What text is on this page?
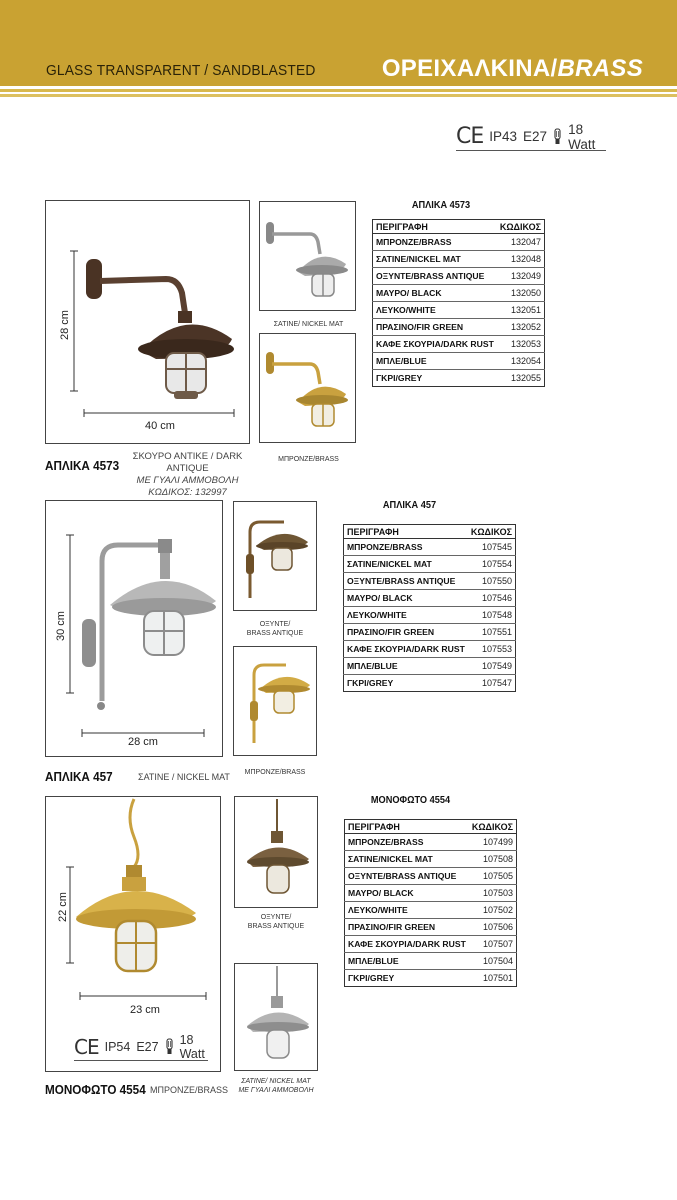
GLASS TRANSPARENT / SANDBLASTED	ΟΡΕΙΧΑΛΚΙΝΑ/BRASS
CE IP43 E27 18 Watt
28 cm
40 cm
ΑΠΛΙΚΑ 4573
ΣΚΟΥΡΟ ΑΝΤΙΚΕ / DARK ANTIQUE
ΜΕ ΓΥΑΛΙ ΑΜΜΟΒΟΛΗ
ΚΩΔΙΚΟΣ: 132997
ΣΑΤΙΝΕ/ NICKEL MAT
ΜΠΡΟΝΖΕ/BRASS
ΑΠΛΙΚΑ 4573
ΠΕΡΙΓΡΑΦΗ	ΚΩΔΙΚΟΣ
ΜΠΡΟΝΖΕ/BRASS	132047
ΣΑΤΙΝΕ/NICKEL MAT	132048
ΟΞΥΝΤΕ/BRASS ANTIQUE	132049
ΜΑΥΡΟ/ BLACK	132050
ΛΕΥΚΟ/WHITE	132051
ΠΡΑΣΙΝΟ/FIR GREEN	132052
ΚΑΦΕ ΣΚΟΥΡΙΑ/DARK RUST	132053
ΜΠΛΕ/BLUE	132054
ΓΚΡΙ/GREY	132055
30 cm
28 cm
ΑΠΛΙΚΑ 457	ΣΑΤΙΝΕ / NICKEL MAT
ΟΞΥΝΤΕ/
BRASS ANTIQUE
ΜΠΡΟΝΖΕ/BRASS
ΑΠΛΙΚΑ 457
ΠΕΡΙΓΡΑΦΗ	ΚΩΔΙΚΟΣ
ΜΠΡΟΝΖΕ/BRASS	107545
ΣΑΤΙΝΕ/NICKEL MAT	107554
ΟΞΥΝΤΕ/BRASS ANTIQUE	107550
ΜΑΥΡΟ/ BLACK	107546
ΛΕΥΚΟ/WHITE	107548
ΠΡΑΣΙΝΟ/FIR GREEN	107551
ΚΑΦΕ ΣΚΟΥΡΙΑ/DARK RUST	107553
ΜΠΛΕ/BLUE	107549
ΓΚΡΙ/GREY	107547
22 cm
23 cm
CE IP54 E27 18 Watt
ΜΟΝΟΦΩΤΟ 4554 ΜΠΡΟΝΖΕ/BRASS
ΟΞΥΝΤΕ/
BRASS ANTIQUE
ΣΑΤΙΝΕ/ NICKEL MAT
ΜΕ ΓΥΑΛΙ ΑΜΜΟΒΟΛΗ
ΜΟΝΟΦΩΤΟ 4554
ΠΕΡΙΓΡΑΦΗ	ΚΩΔΙΚΟΣ
ΜΠΡΟΝΖΕ/BRASS	107499
ΣΑΤΙΝΕ/NICKEL MAT	107508
ΟΞΥΝΤΕ/BRASS ANTIQUE	107505
ΜΑΥΡΟ/ BLACK	107503
ΛΕΥΚΟ/WHITE	107502
ΠΡΑΣΙΝΟ/FIR GREEN	107506
ΚΑΦΕ ΣΚΟΥΡΙΑ/DARK RUST	107507
ΜΠΛΕ/BLUE	107504
ΓΚΡΙ/GREY	107501
